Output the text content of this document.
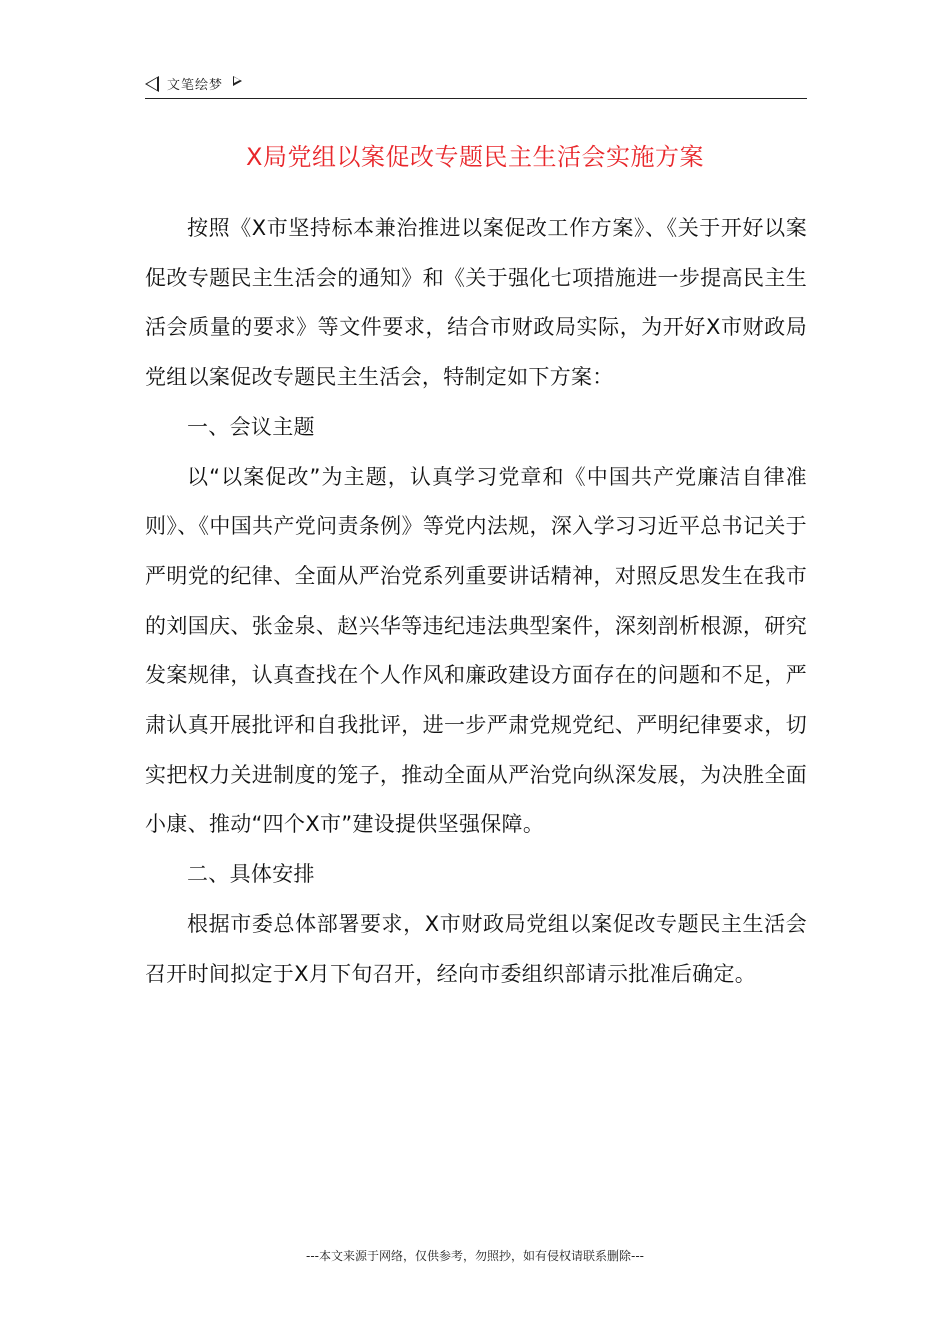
文笔绘梦
X局党组以案促改专题民主生活会实施方案

按照《X市坚持标本兼治推进以案促改工作方案》、《关于开好以案促改专题民主生活会的通知》和《关于强化七项措施进一步提高民主生活会质量的要求》等文件要求，结合市财政局实际，为开好X市财政局党组以案促改专题民主生活会，特制定如下方案：

一、会议主题

以“以案促改”为主题，认真学习党章和《中国共产党廉洁自律准则》、《中国共产党问责条例》等党内法规，深入学习习近平总书记关于严明党的纪律、全面从严治党系列重要讲话精神，对照反思发生在我市的刘国庆、张金泉、赵兴华等违纪违法典型案件，深刻剖析根源，研究发案规律，认真查找在个人作风和廉政建设方面存在的问题和不足，严肃认真开展批评和自我批评，进一步严肃党规党纪、严明纪律要求，切实把权力关进制度的笼子，推动全面从严治党向纵深发展，为决胜全面小康、推动“四个X市”建设提供坚强保障。

二、具体安排

根据市委总体部署要求，X市财政局党组以案促改专题民主生活会召开时间拟定于X月下旬召开，经向市委组织部请示批准后确定。

---本文来源于网络，仅供参考，勿照抄，如有侵权请联系删除---
